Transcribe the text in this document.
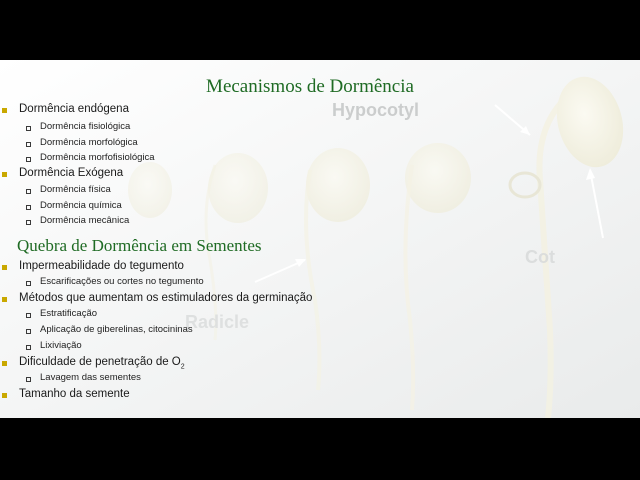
Hypocotyl
Cot
Radicle
Mecanismos de Dormência
Dormência endógena
Dormência fisiológica
Dormência morfológica
Dormência morfofisiológica
Dormência Exógena
Dormência física
Dormência química
Dormência mecânica
Quebra de Dormência em Sementes
Impermeabilidade do tegumento
Escarificações ou cortes no tegumento
Métodos que aumentam os estimuladores da germinação
Estratificação
Aplicação de giberelinas, citocininas
Lixiviação
Dificuldade de penetração de $O_2$
Lavagem das sementes
Tamanho da semente
